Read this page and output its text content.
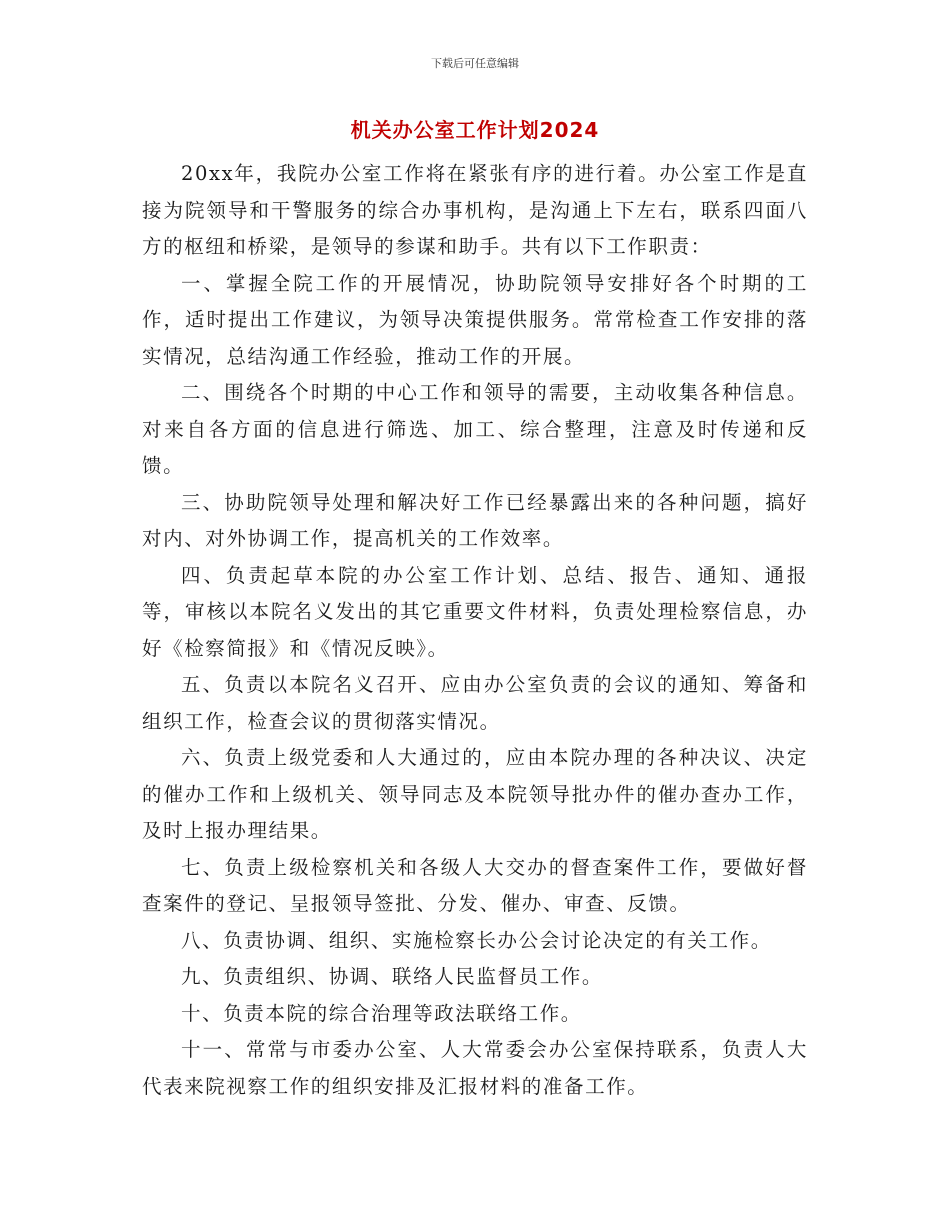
下载后可任意编辑
机关办公室工作计划2024

20xx年，我院办公室工作将在紧张有序的进行着。办公室工作是直接为院领导和干警服务的综合办事机构，是沟通上下左右，联系四面八方的枢纽和桥梁，是领导的参谋和助手。共有以下工作职责：

一、掌握全院工作的开展情况，协助院领导安排好各个时期的工作，适时提出工作建议，为领导决策提供服务。常常检查工作安排的落实情况，总结沟通工作经验，推动工作的开展。

二、围绕各个时期的中心工作和领导的需要，主动收集各种信息。对来自各方面的信息进行筛选、加工、综合整理，注意及时传递和反馈。

三、协助院领导处理和解决好工作已经暴露出来的各种问题，搞好对内、对外协调工作，提高机关的工作效率。

四、负责起草本院的办公室工作计划、总结、报告、通知、通报等，审核以本院名义发出的其它重要文件材料，负责处理检察信息，办好《检察简报》和《情况反映》。

五、负责以本院名义召开、应由办公室负责的会议的通知、筹备和组织工作，检查会议的贯彻落实情况。

六、负责上级党委和人大通过的，应由本院办理的各种决议、决定的催办工作和上级机关、领导同志及本院领导批办件的催办查办工作，及时上报办理结果。

七、负责上级检察机关和各级人大交办的督查案件工作，要做好督查案件的登记、呈报领导签批、分发、催办、审查、反馈。

八、负责协调、组织、实施检察长办公会讨论决定的有关工作。

九、负责组织、协调、联络人民监督员工作。

十、负责本院的综合治理等政法联络工作。

十一、常常与市委办公室、人大常委会办公室保持联系，负责人大代表来院视察工作的组织安排及汇报材料的准备工作。
